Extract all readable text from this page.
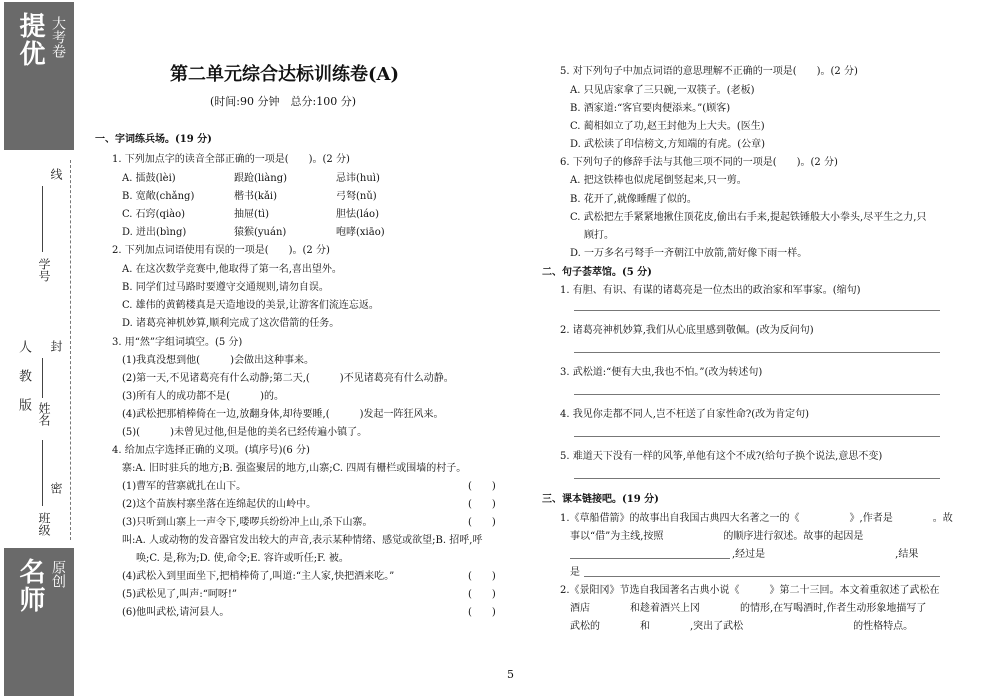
提优 大考卷
线
封
密
人 教 版
学号
姓名
班级
名师 原创
第二单元综合达标训练卷(A)
(时间:90 分钟　总分:100 分)
一、字词练兵场。(19 分)
1. 下列加点字的读音全部正确的一项是(　　)。(2 分)
A. 擂鼓(lèi)	跟跄(liàng)	忌讳(huì)
B. 宽敞(chǎng)	楷书(kǎi)	弓弩(nǔ)
C. 石窍(qiào)	抽屉(tì)	胆怯(láo)
D. 迸出(bìng)	猿猴(yuán)	咆哮(xiāo)
2. 下列加点词语使用有误的一项是(　　)。(2 分)
A. 在这次数学竞赛中,他取得了第一名,喜出望外。
B. 同学们过马路时要遵守交通规则,请勿自误。
C. 雄伟的黄鹤楼真是天造地设的美景,让游客们流连忘返。
D. 诸葛亮神机妙算,顺利完成了这次借箭的任务。
3. 用“然”字组词填空。(5 分)
(1)我真没想到他(　　　)会做出这种事来。
(2)第一天,不见诸葛亮有什么动静;第二天,(　　　)不见诸葛亮有什么动静。
(3)所有人的成功都不是(　　　)的。
(4)武松把那梢棒倚在一边,放翻身体,却待要睡,(　　　)发起一阵狂风来。
(5)(　　　)未曾见过他,但是他的美名已经传遍小镇了。
4. 给加点字选择正确的义项。(填序号)(6 分)
寨:A. 旧时驻兵的地方;B. 强盗聚居的地方,山寨;C. 四周有栅栏或围墙的村子。
(1)曹军的营寨就扎在山下。	(　　)
(2)这个苗族村寨坐落在连绵起伏的山岭中。	(　　)
(3)只听到山寨上一声令下,喽啰兵纷纷冲上山,杀下山寨。	(　　)
叫:A. 人或动物的发音器官发出较大的声音,表示某种情绪、感觉或欲望;B. 招呼,呼
唤;C. 是,称为;D. 使,命令;E. 容许或听任;F. 被。
(4)武松入到里面坐下,把梢棒倚了,叫道:“主人家,快把酒来吃。”	(　　)
(5)武松见了,叫声:“呵呀!”	(　　)
(6)他叫武松,请河县人。	(　　)
5. 对下列句子中加点词语的意思理解不正确的一项是(　　)。(2 分)
A. 只见店家拿了三只碗,一双筷子。(老板)
B. 酒家道:“客官要肉便添来。”(顾客)
C. 蔺相如立了功,赵王封他为上大夫。(医生)
D. 武松读了印信榜文,方知端的有虎。(公章)
6. 下列句子的修辞手法与其他三项不同的一项是(　　)。(2 分)
A. 把这铁棒也似虎尾倒竖起来,只一剪。
B. 花开了,就像睡醒了似的。
C. 武松把左手紧紧地揪住顶花皮,偷出右手来,提起铁锤般大小拳头,尽平生之力,只
顾打。
D. 一万多名弓弩手一齐朝江中放箭,箭好像下雨一样。
二、句子荟萃馆。(5 分)
1. 有胆、有识、有谋的诸葛亮是一位杰出的政治家和军事家。(缩句)
2. 诸葛亮神机妙算,我们从心底里感到敬佩。(改为反问句)
3. 武松道:“便有大虫,我也不怕。”(改为转述句)
4. 我见你走都不同人,岂不枉送了自家性命?(改为肯定句)
5. 难道天下没有一样的风筝,单他有这个不成?(给句子换个说法,意思不变)
三、课本链接吧。(19 分)
1.《草船借箭》的故事出自我国古典四大名著之一的《　　　　　》,作者是　　　　。故
事以“借”为主线,按照　　　　　　的顺序进行叙述。故事的起因是
,经过是　　　　　　　　　　　　　,结果
是
2.《景阳冈》节选自我国著名古典小说《　　　》第二十三回。本文着重叙述了武松在
酒店　　　　和趁着酒兴上冈　　　　的情形,在写喝酒时,作者生动形象地描写了
武松的　　　　和　　　　,突出了武松　　　　　　　　　　　的性格特点。
5
